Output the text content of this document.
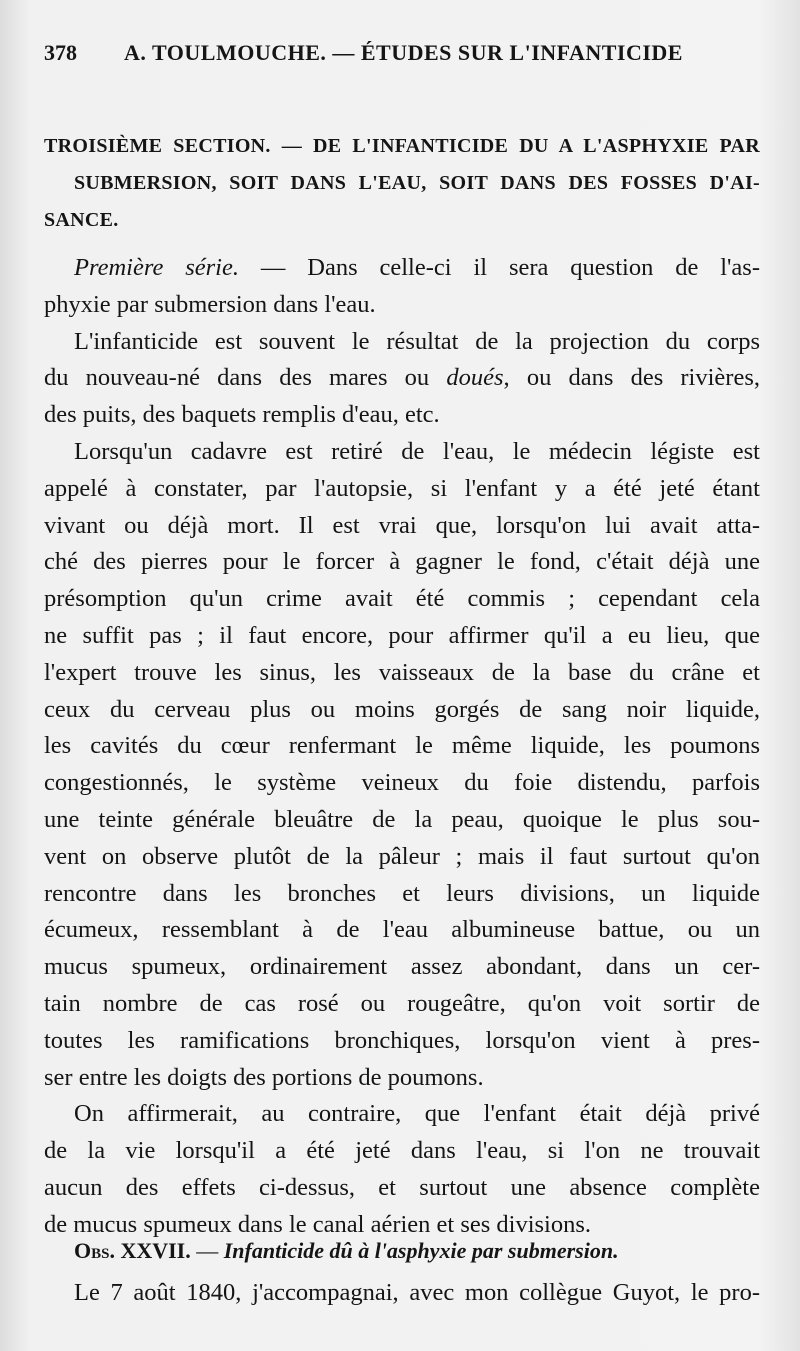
378 A. TOULMOUCHE. — ÉTUDES SUR L'INFANTICIDE
TROISIÈME SECTION. — DE L'INFANTICIDE DU A L'ASPHYXIE PAR
SUBMERSION, SOIT DANS L'EAU, SOIT DANS DES FOSSES D'AI-
SANCE.
Première série. — Dans celle-ci il sera question de l'as-
phyxie par submersion dans l'eau.
L'infanticide est souvent le résultat de la projection du corps
du nouveau-né dans des mares ou doués, ou dans des rivières,
des puits, des baquets remplis d'eau, etc.
Lorsqu'un cadavre est retiré de l'eau, le médecin légiste est
appelé à constater, par l'autopsie, si l'enfant y a été jeté étant
vivant ou déjà mort. Il est vrai que, lorsqu'on lui avait atta-
ché des pierres pour le forcer à gagner le fond, c'était déjà une
présomption qu'un crime avait été commis ; cependant cela
ne suffit pas ; il faut encore, pour affirmer qu'il a eu lieu, que
l'expert trouve les sinus, les vaisseaux de la base du crâne et
ceux du cerveau plus ou moins gorgés de sang noir liquide,
les cavités du cœur renfermant le même liquide, les poumons
congestionnés, le système veineux du foie distendu, parfois
une teinte générale bleuâtre de la peau, quoique le plus sou-
vent on observe plutôt de la pâleur ; mais il faut surtout qu'on
rencontre dans les bronches et leurs divisions, un liquide
écumeux, ressemblant à de l'eau albumineuse battue, ou un
mucus spumeux, ordinairement assez abondant, dans un cer-
tain nombre de cas rosé ou rougeâtre, qu'on voit sortir de
toutes les ramifications bronchiques, lorsqu'on vient à pres-
ser entre les doigts des portions de poumons.
On affirmerait, au contraire, que l'enfant était déjà privé
de la vie lorsqu'il a été jeté dans l'eau, si l'on ne trouvait
aucun des effets ci-dessus, et surtout une absence complète
de mucus spumeux dans le canal aérien et ses divisions.
Obs. XXVII. — Infanticide dû à l'asphyxie par submersion.
Le 7 août 1840, j'accompagnai, avec mon collègue Guyot, le pro-
